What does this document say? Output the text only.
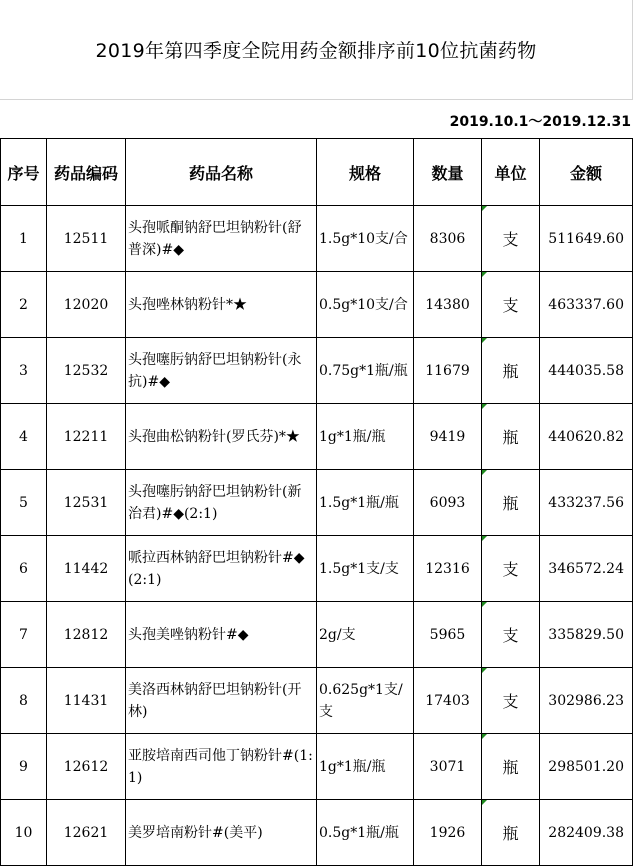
2019年第四季度全院用药金额排序前10位抗菌药物
2019.10.1～2019.12.31
序号	药品编码	药品名称	规格	数量	单位	金额
1	12511	头孢哌酮钠舒巴坦钠粉针(舒普深)#◆	1.5g*10支/合	8306	支	511649.60
2	12020	头孢唑林钠粉针*★	0.5g*10支/合	14380	支	463337.60
3	12532	头孢噻肟钠舒巴坦钠粉针(永抗)#◆	0.75g*1瓶/瓶	11679	瓶	444035.58
4	12211	头孢曲松钠粉针(罗氏芬)*★	1g*1瓶/瓶	9419	瓶	440620.82
5	12531	头孢噻肟钠舒巴坦钠粉针(新治君)#◆(2:1)	1.5g*1瓶/瓶	6093	瓶	433237.56
6	11442	哌拉西林钠舒巴坦钠粉针#◆(2:1)	1.5g*1支/支	12316	支	346572.24
7	12812	头孢美唑钠粉针#◆	2g/支	5965	支	335829.50
8	11431	美洛西林钠舒巴坦钠粉针(开林)	0.625g*1支/支	17403	支	302986.23
9	12612	亚胺培南西司他丁钠粉针#(1:1)	1g*1瓶/瓶	3071	瓶	298501.20
10	12621	美罗培南粉针#(美平)	0.5g*1瓶/瓶	1926	瓶	282409.38
